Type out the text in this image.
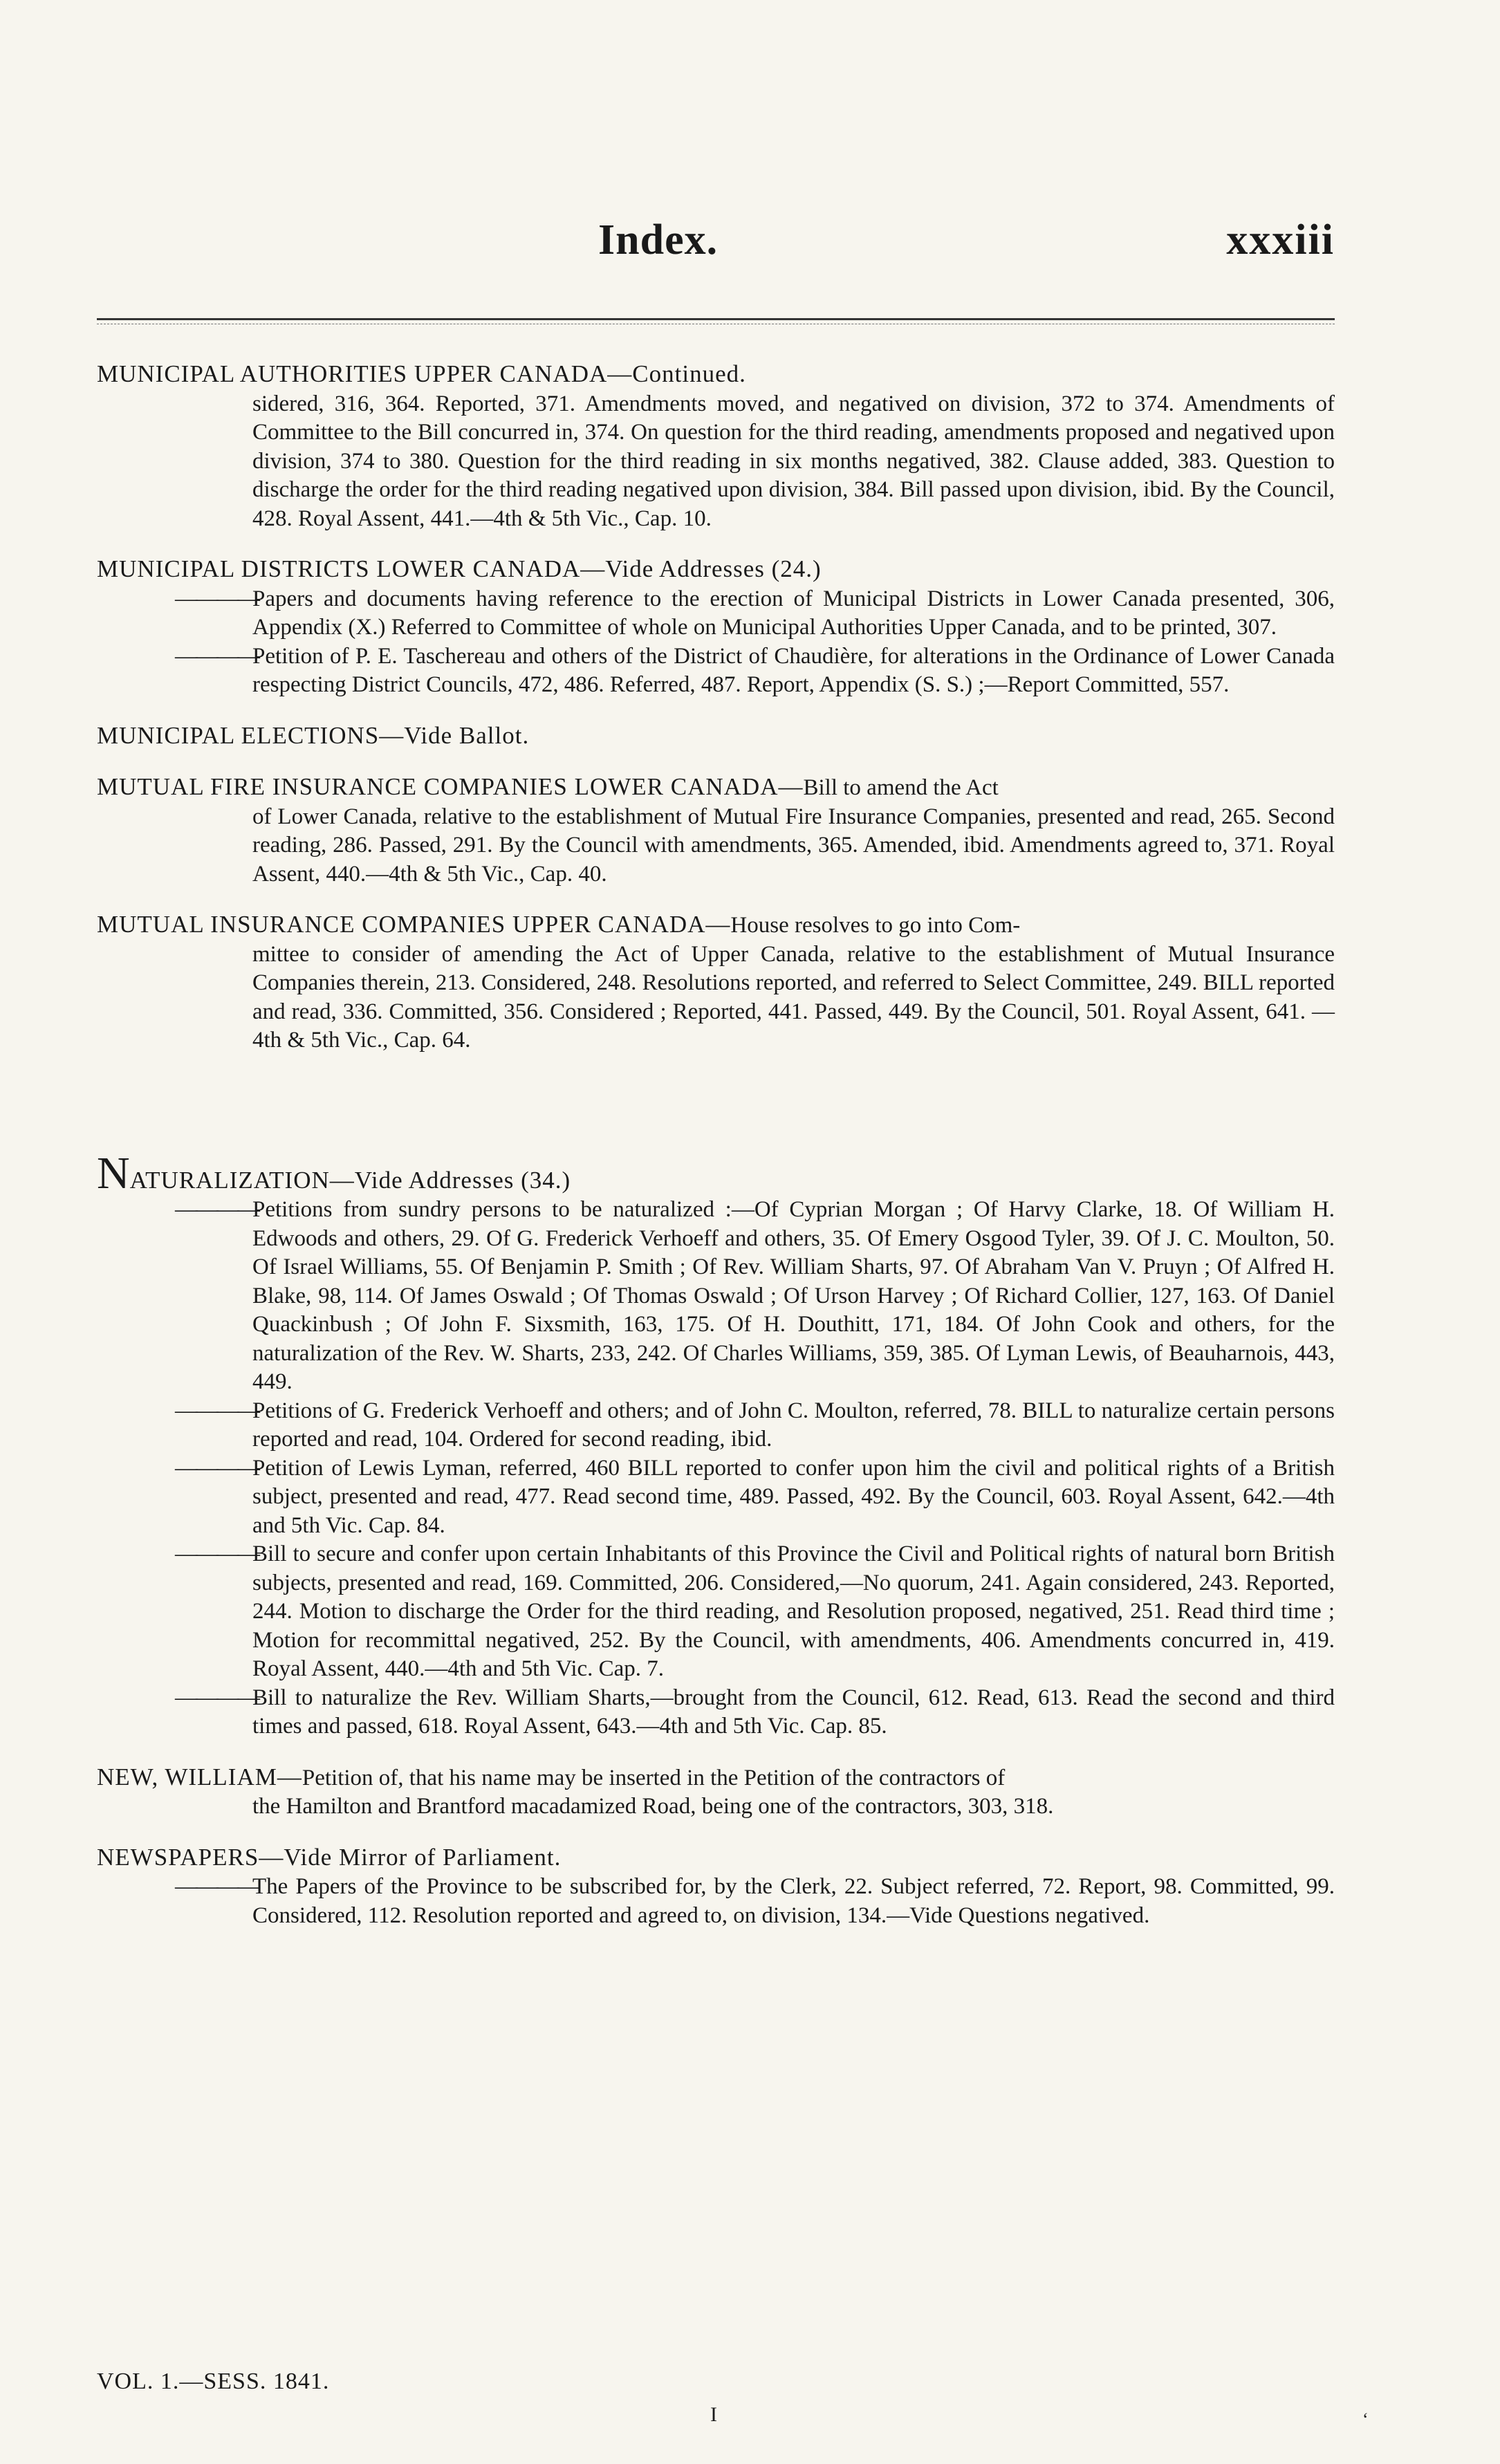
Index.	xxxiii
MUNICIPAL AUTHORITIES UPPER CANADA—Continued.
sidered, 316, 364. Reported, 371. Amendments moved, and negatived on division, 372 to 374. Amendments of Committee to the Bill concurred in, 374. On question for the third reading, amendments proposed and negatived upon division, 374 to 380. Question for the third reading in six months negatived, 382. Clause added, 383. Question to discharge the order for the third reading negatived upon division, 384. Bill passed upon division, ibid. By the Council, 428. Royal Assent, 441.—4th & 5th Vic., Cap. 10.
MUNICIPAL DISTRICTS LOWER CANADA—Vide Addresses (24.)
————Papers and documents having reference to the erection of Municipal Districts in Lower Canada presented, 306, Appendix (X.) Referred to Committee of whole on Municipal Authorities Upper Canada, and to be printed, 307.
————Petition of P. E. Taschereau and others of the District of Chaudière, for alterations in the Ordinance of Lower Canada respecting District Councils, 472, 486. Referred, 487. Report, Appendix (S. S.) ;—Report Committed, 557.
MUNICIPAL ELECTIONS—Vide Ballot.
MUTUAL FIRE INSURANCE COMPANIES LOWER CANADA—Bill to amend the Act
of Lower Canada, relative to the establishment of Mutual Fire Insurance Companies, presented and read, 265. Second reading, 286. Passed, 291. By the Council with amendments, 365. Amended, ibid. Amendments agreed to, 371. Royal Assent, 440.—4th & 5th Vic., Cap. 40.
MUTUAL INSURANCE COMPANIES UPPER CANADA—House resolves to go into Com-
mittee to consider of amending the Act of Upper Canada, relative to the establishment of Mutual Insurance Companies therein, 213. Considered, 248. Resolutions reported, and referred to Select Committee, 249. BILL reported and read, 336. Committed, 356. Considered ; Reported, 441. Passed, 449. By the Council, 501. Royal Assent, 641. —4th & 5th Vic., Cap. 64.
NATURALIZATION—Vide Addresses (34.)
————Petitions from sundry persons to be naturalized :—Of Cyprian Morgan ; Of Harvy Clarke, 18. Of William H. Edwoods and others, 29. Of G. Frederick Verhoeff and others, 35. Of Emery Osgood Tyler, 39. Of J. C. Moulton, 50. Of Israel Williams, 55. Of Benjamin P. Smith ; Of Rev. William Sharts, 97. Of Abraham Van V. Pruyn ; Of Alfred H. Blake, 98, 114. Of James Oswald ; Of Thomas Oswald ; Of Urson Harvey ; Of Richard Collier, 127, 163. Of Daniel Quackinbush ; Of John F. Sixsmith, 163, 175. Of H. Douthitt, 171, 184. Of John Cook and others, for the naturalization of the Rev. W. Sharts, 233, 242. Of Charles Williams, 359, 385. Of Lyman Lewis, of Beauharnois, 443, 449.
————Petitions of G. Frederick Verhoeff and others; and of John C. Moulton, referred, 78. BILL to naturalize certain persons reported and read, 104. Ordered for second reading, ibid.
————Petition of Lewis Lyman, referred, 460 BILL reported to confer upon him the civil and political rights of a British subject, presented and read, 477. Read second time, 489. Passed, 492. By the Council, 603. Royal Assent, 642.—4th and 5th Vic. Cap. 84.
————Bill to secure and confer upon certain Inhabitants of this Province the Civil and Political rights of natural born British subjects, presented and read, 169. Committed, 206. Considered,—No quorum, 241. Again considered, 243. Reported, 244. Motion to discharge the Order for the third reading, and Resolution proposed, negatived, 251. Read third time ; Motion for recommittal negatived, 252. By the Council, with amendments, 406. Amendments concurred in, 419. Royal Assent, 440.—4th and 5th Vic. Cap. 7.
————Bill to naturalize the Rev. William Sharts,—brought from the Council, 612. Read, 613. Read the second and third times and passed, 618. Royal Assent, 643.—4th and 5th Vic. Cap. 85.
NEW, WILLIAM—Petition of, that his name may be inserted in the Petition of the contractors of
the Hamilton and Brantford macadamized Road, being one of the contractors, 303, 318.
NEWSPAPERS—Vide Mirror of Parliament.
————The Papers of the Province to be subscribed for, by the Clerk, 22. Subject referred, 72. Report, 98. Committed, 99. Considered, 112. Resolution reported and agreed to, on division, 134.—Vide Questions negatived.
VOL. 1.—SESS. 1841.
I	‘
